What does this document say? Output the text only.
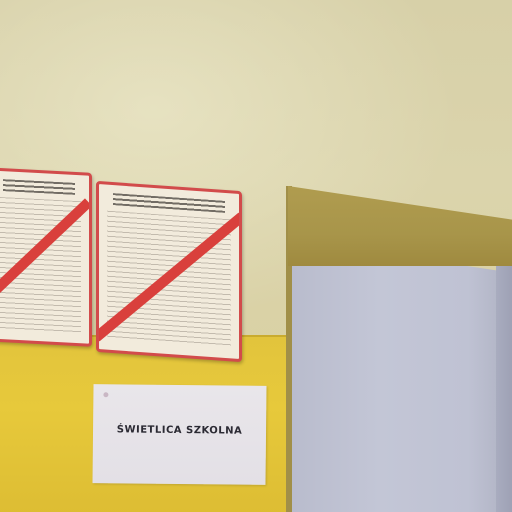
ŚWIETLICA SZKOLNA
